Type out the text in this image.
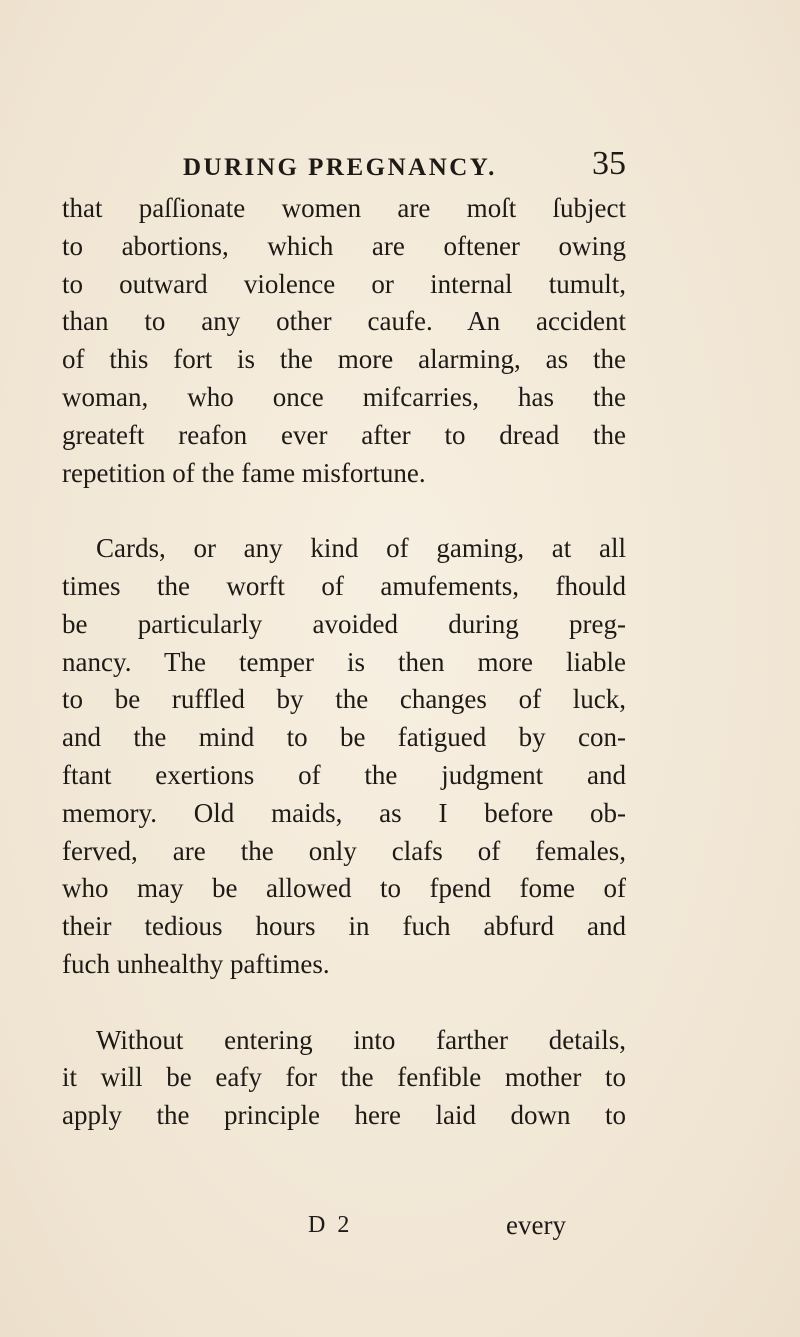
DURING PREGNANCY.	35
that paſſionate women are moſt ſubject
to abortions, which are oftener owing
to outward violence or internal tumult,
than to any other caufe. An accident
of this fort is the more alarming, as the
woman, who once mifcarries, has the
greateft reafon ever after to dread the
repetition of the fame misfortune.
Cards, or any kind of gaming, at all
times the worft of amufements, fhould
be particularly avoided during preg-
nancy. The temper is then more liable
to be ruffled by the changes of luck,
and the mind to be fatigued by con-
ftant exertions of the judgment and
memory. Old maids, as I before ob-
ferved, are the only clafs of females,
who may be allowed to fpend fome of
their tedious hours in fuch abfurd and
fuch unhealthy paftimes.
Without entering into farther details,
it will be eafy for the fenfible mother to
apply the principle here laid down to
D 2	every
